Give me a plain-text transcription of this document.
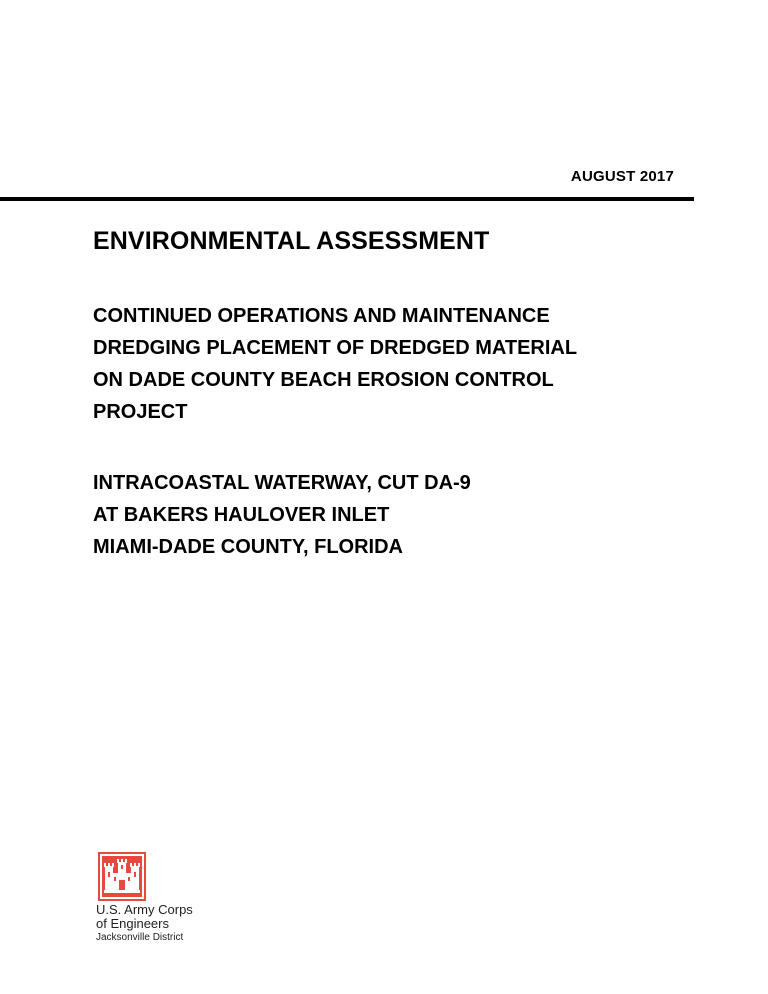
AUGUST 2017
ENVIRONMENTAL ASSESSMENT
CONTINUED OPERATIONS AND MAINTENANCE
DREDGING PLACEMENT OF DREDGED MATERIAL
ON DADE COUNTY BEACH EROSION CONTROL
PROJECT
INTRACOASTAL WATERWAY, CUT DA-9
AT BAKERS HAULOVER INLET
MIAMI-DADE COUNTY, FLORIDA
U.S. Army Corps
of Engineers
Jacksonville District
